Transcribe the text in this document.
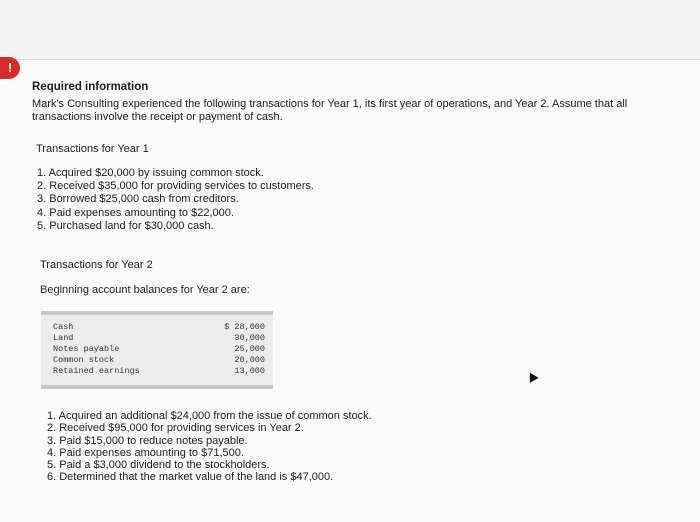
!
Required information
Mark's Consulting experienced the following transactions for Year 1, its first year of operations, and Year 2. Assume that all transactions involve the receipt or payment of cash.
Transactions for Year 1
1. Acquired $20,000 by issuing common stock.
2. Received $35,000 for providing services to customers.
3. Borrowed $25,000 cash from creditors.
4. Paid expenses amounting to $22,000.
5. Purchased land for $30,000 cash.
Transactions for Year 2
Beginning account balances for Year 2 are:
Cash	$ 28,000
Land	30,000
Notes payable	25,000
Common stock	20,000
Retained earnings	13,000
1. Acquired an additional $24,000 from the issue of common stock.
2. Received $95,000 for providing services in Year 2.
3. Paid $15,000 to reduce notes payable.
4. Paid expenses amounting to $71,500.
5. Paid a $3,000 dividend to the stockholders.
6. Determined that the market value of the land is $47,000.
